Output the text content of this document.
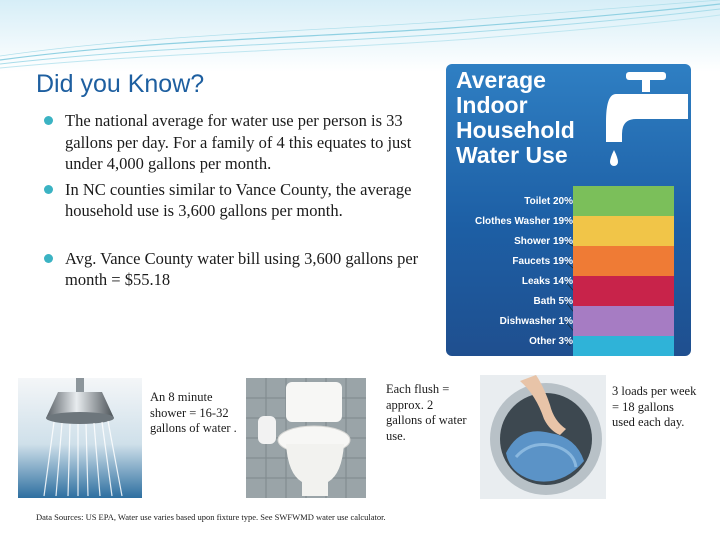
Did you Know?
The national average for water use per person is 33 gallons per day. For a family of 4 this equates to just under 4,000 gallons per month.
In NC counties similar to Vance County, the average household use is 3,600 gallons per month.
Avg. Vance County water bill using 3,600 gallons per month = $55.18
Average
Indoor
Household
Water Use
Toilet 20%
Clothes Washer 19%
Shower 19%
Faucets 19%
Leaks 14%
Bath 5%
Dishwasher 1%
Other 3%
An 8 minute shower = 16-32 gallons of water .
Each flush = approx. 2 gallons of water use.
3 loads per week = 18 gallons used each day.
Data Sources: US EPA, Water use varies based upon fixture type. See SWFWMD water use calculator.
